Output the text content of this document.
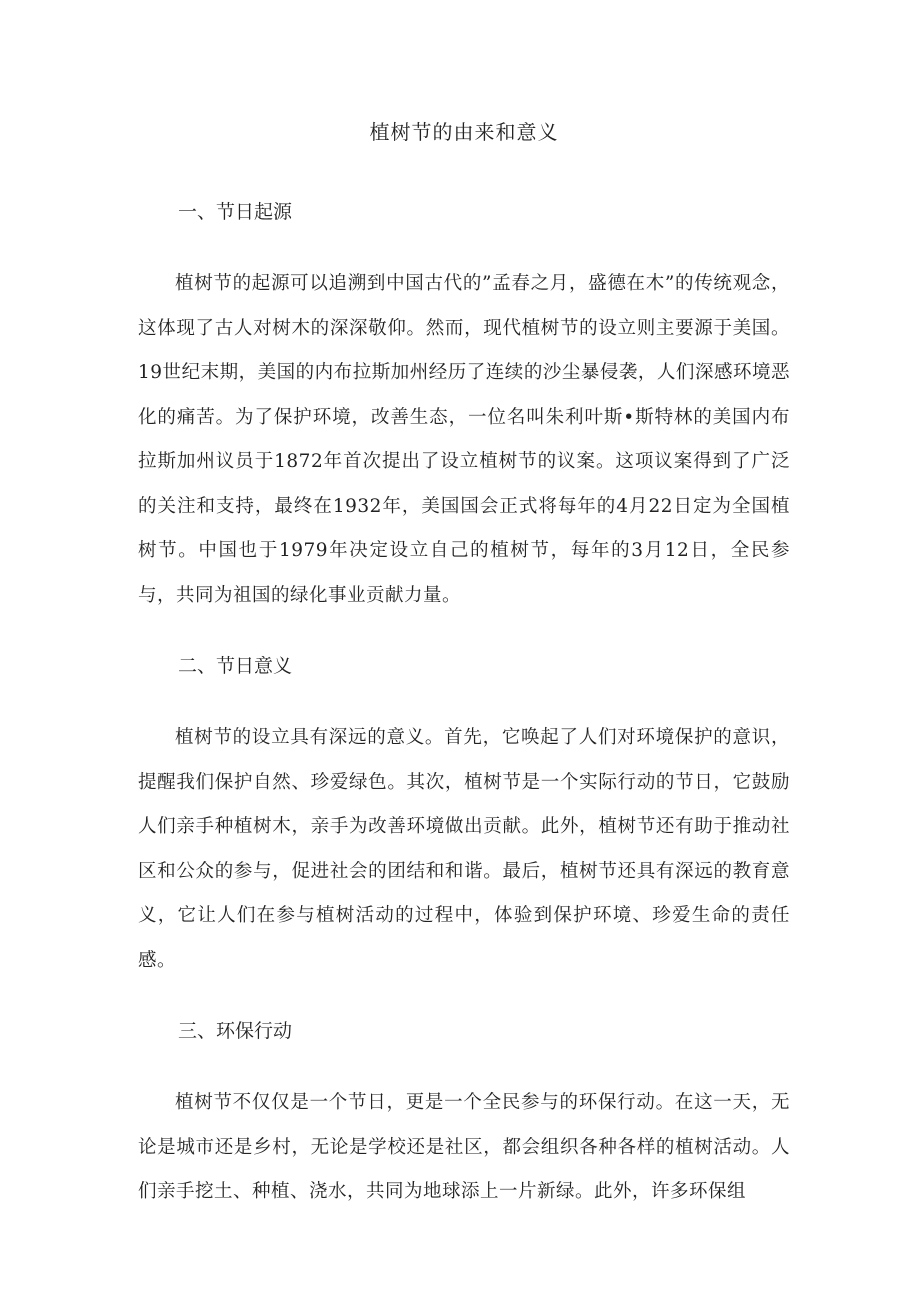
植树节的由来和意义
一、节日起源

植树节的起源可以追溯到中国古代的”孟春之月，盛德在木”的传统观念，这体现了古人对树木的深深敬仰。然而，现代植树节的设立则主要源于美国。19世纪末期，美国的内布拉斯加州经历了连续的沙尘暴侵袭，人们深感环境恶化的痛苦。为了保护环境，改善生态，一位名叫朱利叶斯•斯特林的美国内布拉斯加州议员于1872年首次提出了设立植树节的议案。这项议案得到了广泛的关注和支持，最终在1932年，美国国会正式将每年的4月22日定为全国植树节。中国也于1979年决定设立自己的植树节，每年的3月12日，全民参与，共同为祖国的绿化事业贡献力量。

二、节日意义

植树节的设立具有深远的意义。首先，它唤起了人们对环境保护的意识，提醒我们保护自然、珍爱绿色。其次，植树节是一个实际行动的节日，它鼓励人们亲手种植树木，亲手为改善环境做出贡献。此外，植树节还有助于推动社区和公众的参与，促进社会的团结和和谐。最后，植树节还具有深远的教育意义，它让人们在参与植树活动的过程中，体验到保护环境、珍爱生命的责任感。

三、环保行动

植树节不仅仅是一个节日，更是一个全民参与的环保行动。在这一天，无论是城市还是乡村，无论是学校还是社区，都会组织各种各样的植树活动。人们亲手挖土、种植、浇水，共同为地球添上一片新绿。此外，许多环保组
